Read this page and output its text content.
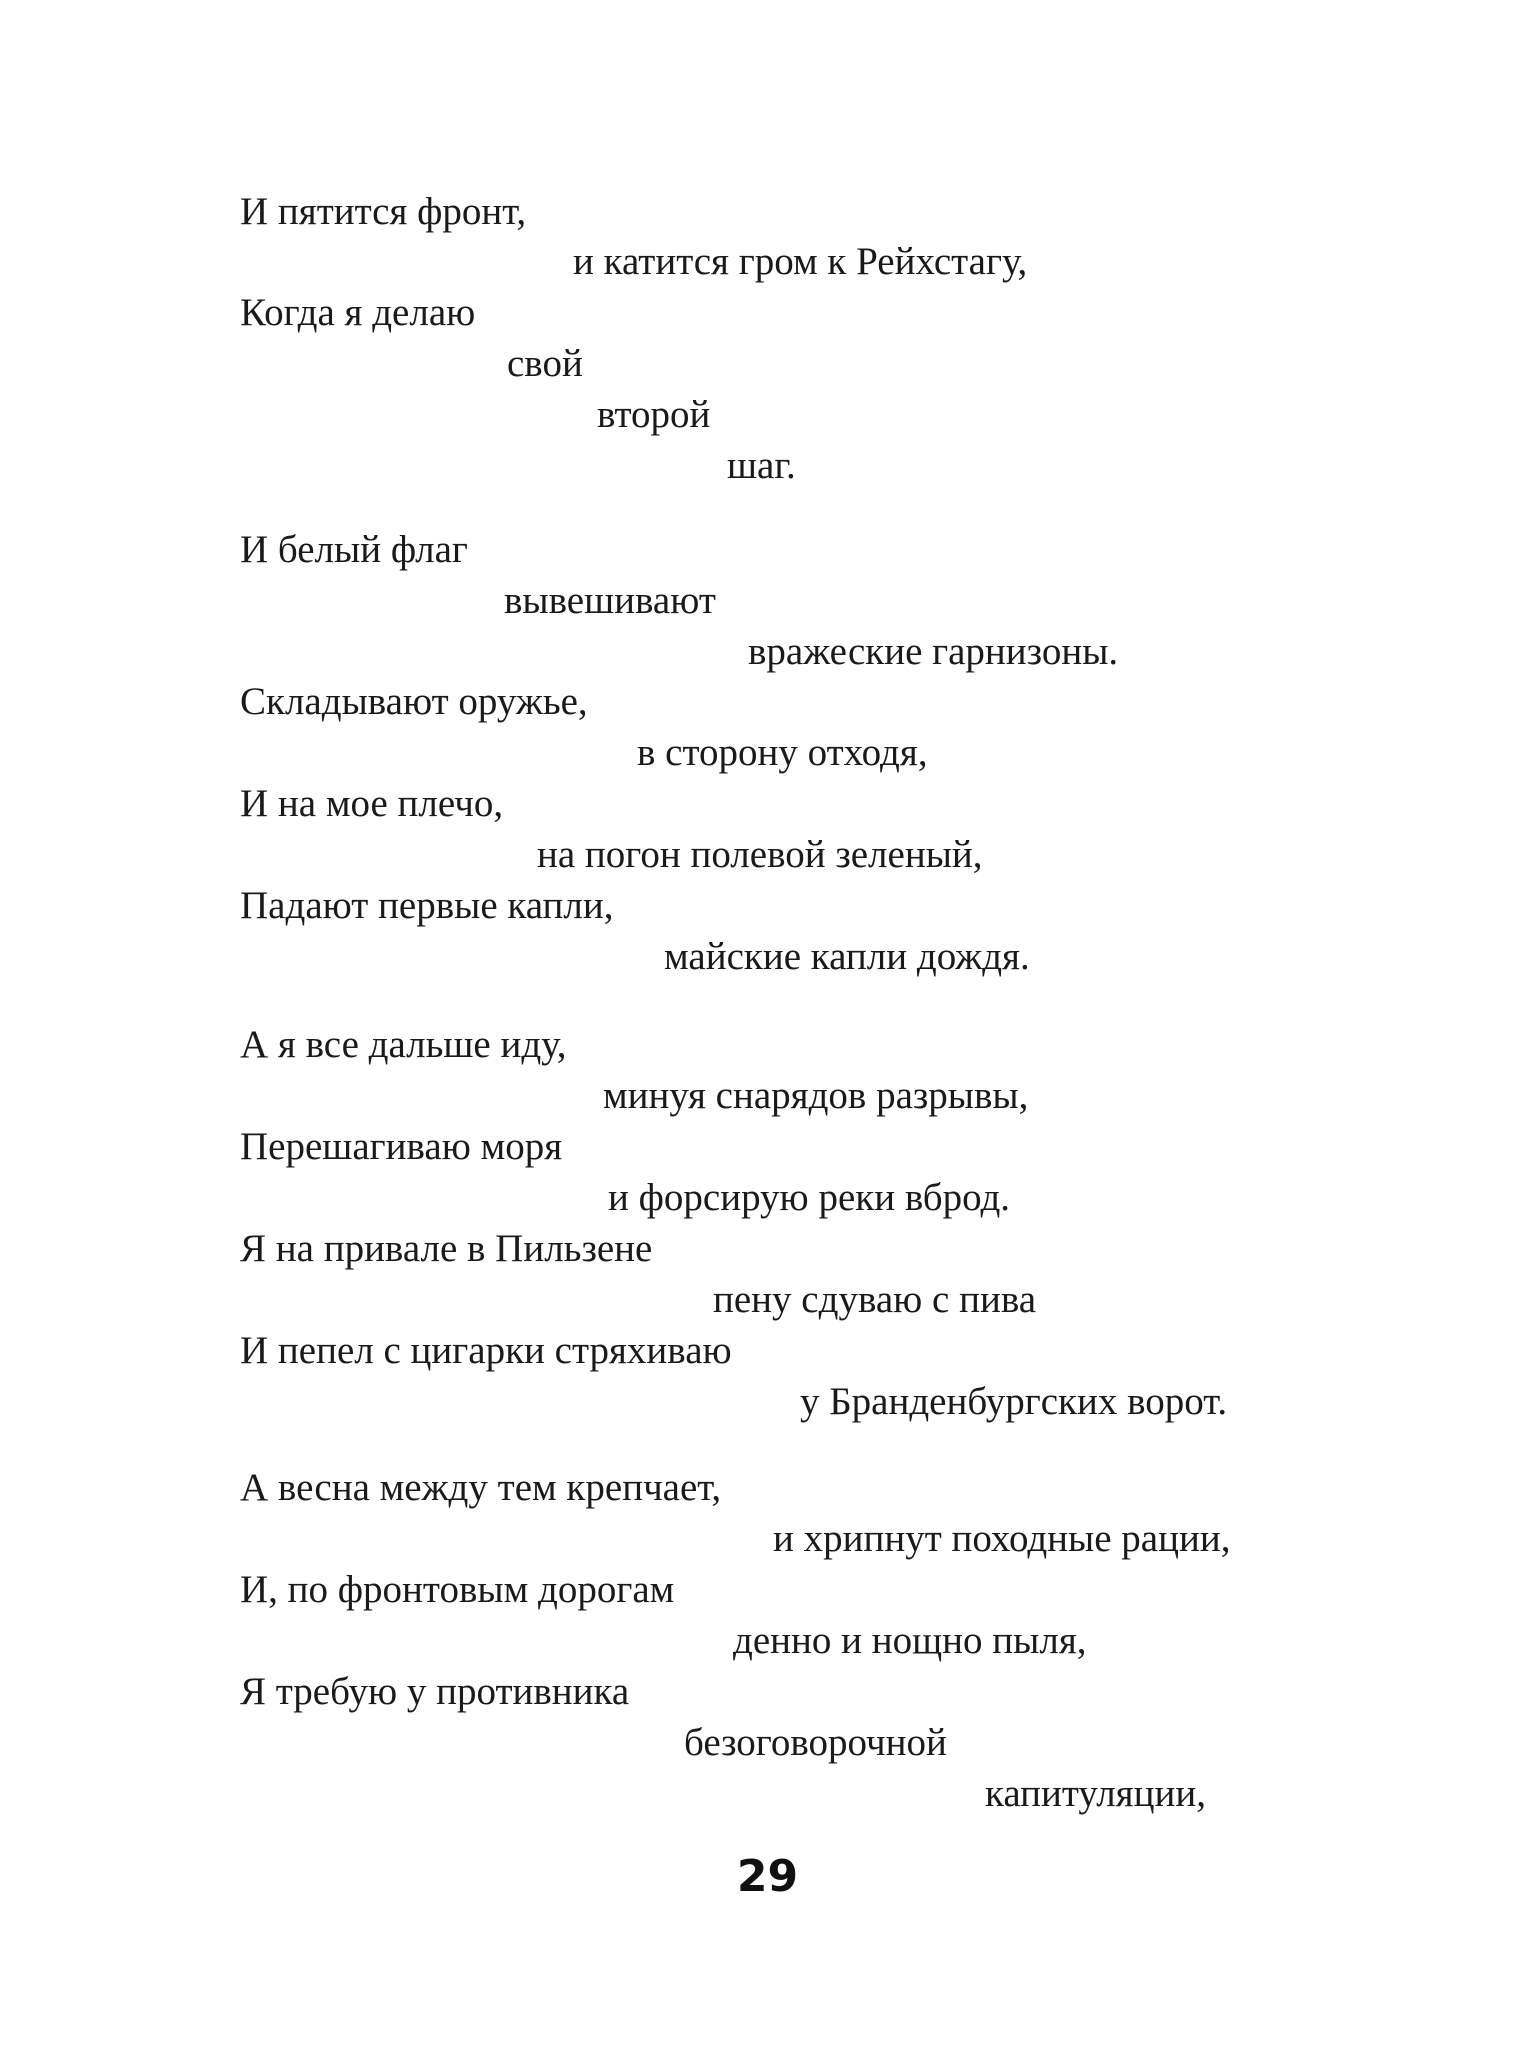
И пятится фронт,
и катится гром к Рейхстагу,
Когда я делаю
свой
второй
шаг.
И белый флаг
вывешивают
вражеские гарнизоны.
Складывают оружье,
в сторону отходя,
И на мое плечо,
на погон полевой зеленый,
Падают первые капли,
майские капли дождя.
А я все дальше иду,
минуя снарядов разрывы,
Перешагиваю моря
и форсирую реки вброд.
Я на привале в Пильзене
пену сдуваю с пива
И пепел с цигарки стряхиваю
у Бранденбургских ворот.
А весна между тем крепчает,
и хрипнут походные рации,
И, по фронтовым дорогам
денно и нощно пыля,
Я требую у противника
безоговорочной
капитуляции,
29
